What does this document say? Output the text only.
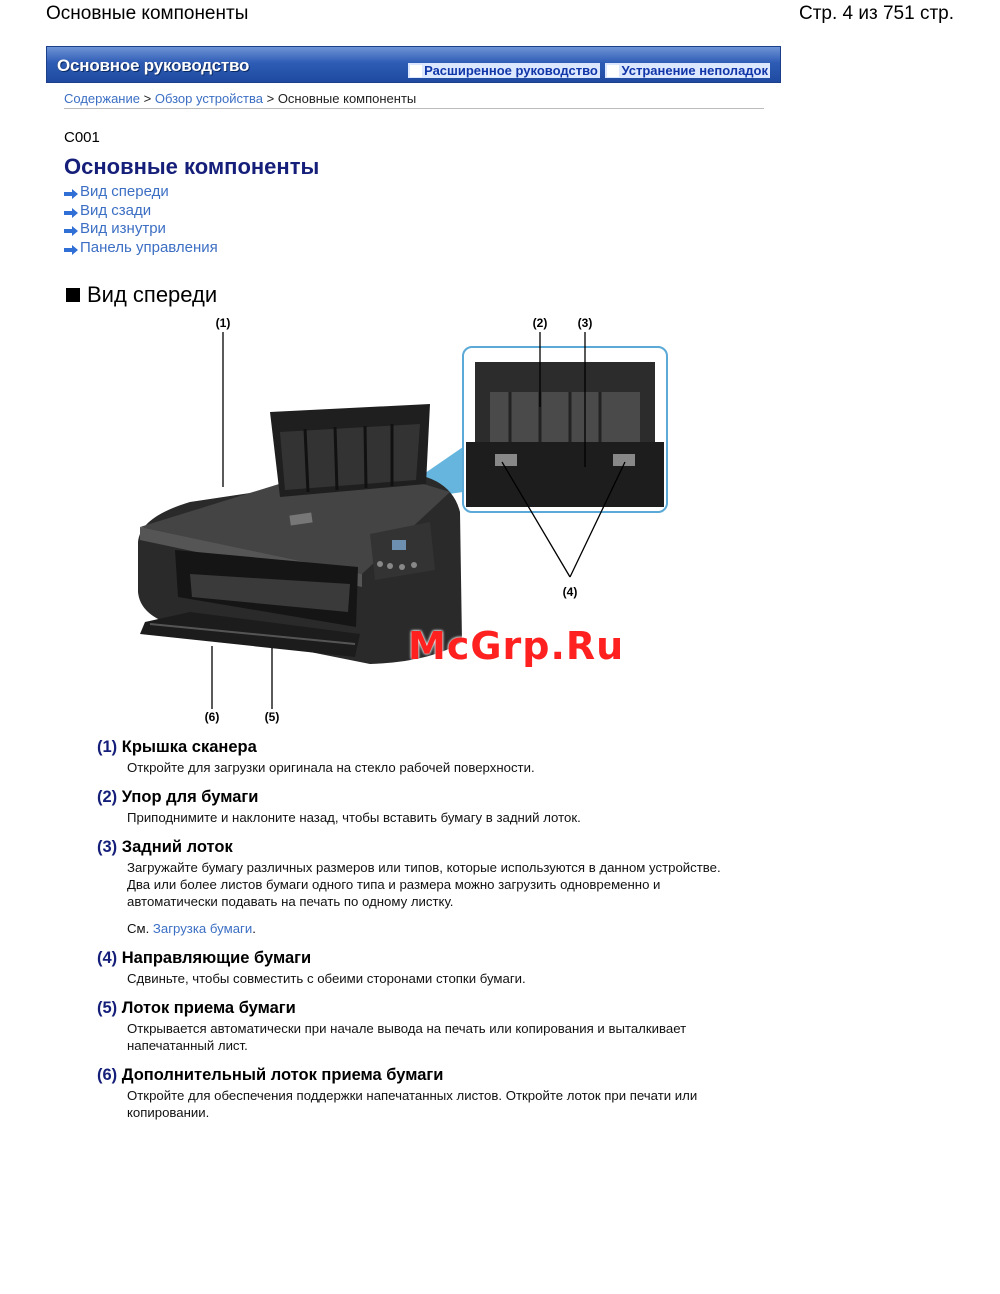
Основные компоненты	Стр. 4 из 751 стр.
Основное руководство	Расширенное руководство
Устранение неполадок
Содержание > Обзор устройства > Основные компоненты
C001
Основные компоненты
Вид спереди
Вид сзади
Вид изнутри
Панель управления
Вид спереди
(1)	(2)	(3)
(4)
(5)
(6)
McGrp.Ru
(1) Крышка сканера

Откройте для загрузки оригинала на стекло рабочей поверхности.

(2) Упор для бумаги

Приподнимите и наклоните назад, чтобы вставить бумагу в задний лоток.

(3) Задний лоток

Загружайте бумагу различных размеров или типов, которые используются в данном устройстве.

Два или более листов бумаги одного типа и размера можно загрузить одновременно и

автоматически подавать на печать по одному листку.

См. Загрузка бумаги.

(4) Направляющие бумаги

Сдвиньте, чтобы совместить с обеими сторонами стопки бумаги.

(5) Лоток приема бумаги

Открывается автоматически при начале вывода на печать или копирования и выталкивает

напечатанный лист.

(6) Дополнительный лоток приема бумаги

Откройте для обеспечения поддержки напечатанных листов. Откройте лоток при печати или

копировании.
